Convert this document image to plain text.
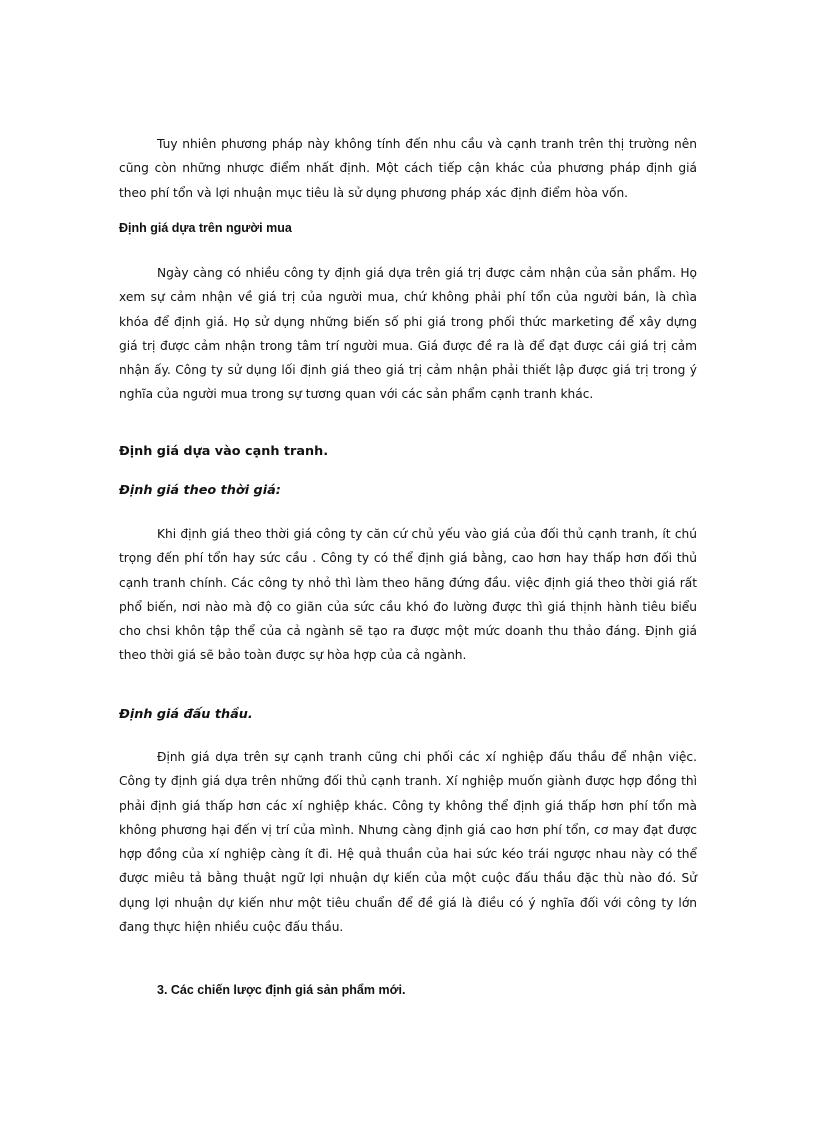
Tuy nhiên phương pháp này không tính đến nhu cầu và cạnh tranh trên thị trường nên cũng còn những nhược điểm nhất định. Một cách tiếp cận khác của phương pháp định giá theo phí tổn và lợi nhuận mục tiêu là sử dụng phương pháp xác định điểm hòa vốn.

Định giá dựa trên người mua

Ngày càng có nhiều công ty định giá dựa trên giá trị được cảm nhận của sản phẩm. Họ xem sự cảm nhận về giá trị của người mua, chứ không phải phí tổn của người bán, là chìa khóa để định giá. Họ sử dụng những biến số phi giá trong phối thức marketing để xây dựng giá trị được cảm nhận trong tâm trí người mua. Giá được đề ra là để đạt được cái giá trị cảm nhận ấy. Công ty sử dụng lối định giá theo giá trị cảm nhận phải thiết lập được giá trị trong ý nghĩa của người mua trong sự tương quan với các sản phẩm cạnh tranh khác.

Định giá dựa vào cạnh tranh.
Định giá theo thời giá:

Khi định giá theo thời giá công ty căn cứ chủ yếu vào giá của đối thủ cạnh tranh, ít chú trọng đến phí tổn hay sức cầu . Công ty có thể định giá bằng, cao hơn hay thấp hơn đối thủ cạnh tranh chính. Các công ty nhỏ thì làm theo hãng đứng đầu. việc định giá theo thời giá rất phổ biến, nơi nào mà độ co giãn của sức cầu khó đo lường được thì giá thịnh hành tiêu biểu cho chsi khôn tập thể của cả ngành sẽ tạo ra được một mức doanh thu thảo đáng. Định giá theo thời giá sẽ bảo toàn được sự hòa hợp của cả ngành.

Định giá đấu thầu.

Định giá dựa trên sự cạnh tranh cũng chi phối các xí nghiệp đấu thầu để nhận việc. Công ty định giá dựa trên những đối thủ cạnh tranh. Xí nghiệp muốn giành được hợp đồng thì phải định giá thấp hơn các xí nghiệp khác. Công ty không thể định giá thấp hơn phí tổn mà không phương hại đến vị trí của mình. Nhưng càng định giá cao hơn phí tổn, cơ may đạt được hợp đồng của xí nghiệp càng ít đi. Hệ quả thuần của hai sức kéo trái ngược nhau này có thể được miêu tả bằng thuật ngữ lợi nhuận dự kiến của một cuộc đấu thầu đặc thù nào đó. Sử dụng lợi nhuận dự kiến như một tiêu chuẩn để đề giá là điều có ý nghĩa đối với công ty lớn đang thực hiện nhiều cuộc đấu thầu.

3. Các chiến lược định giá sản phẩm mới.
